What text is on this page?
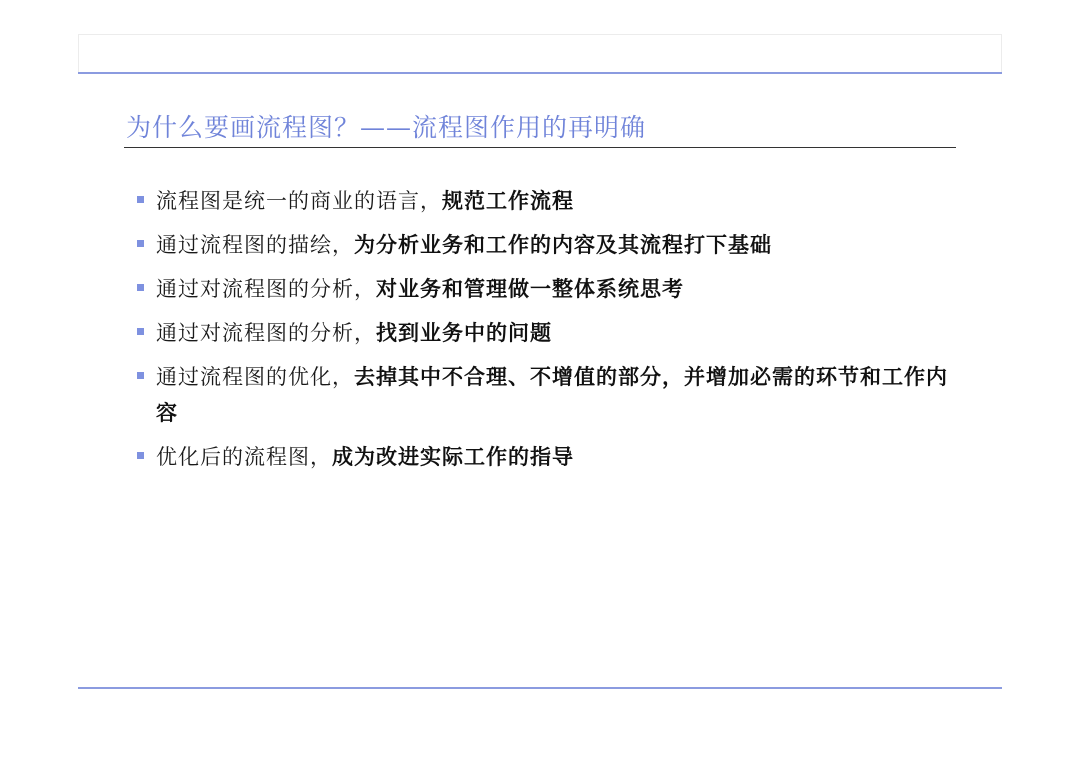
为什么要画流程图？——流程图作用的再明确
流程图是统一的商业的语言，规范工作流程
通过流程图的描绘，为分析业务和工作的内容及其流程打下基础
通过对流程图的分析，对业务和管理做一整体系统思考
通过对流程图的分析，找到业务中的问题
通过流程图的优化，去掉其中不合理、不增值的部分，并增加必需的环节和工作内容
优化后的流程图，成为改进实际工作的指导
